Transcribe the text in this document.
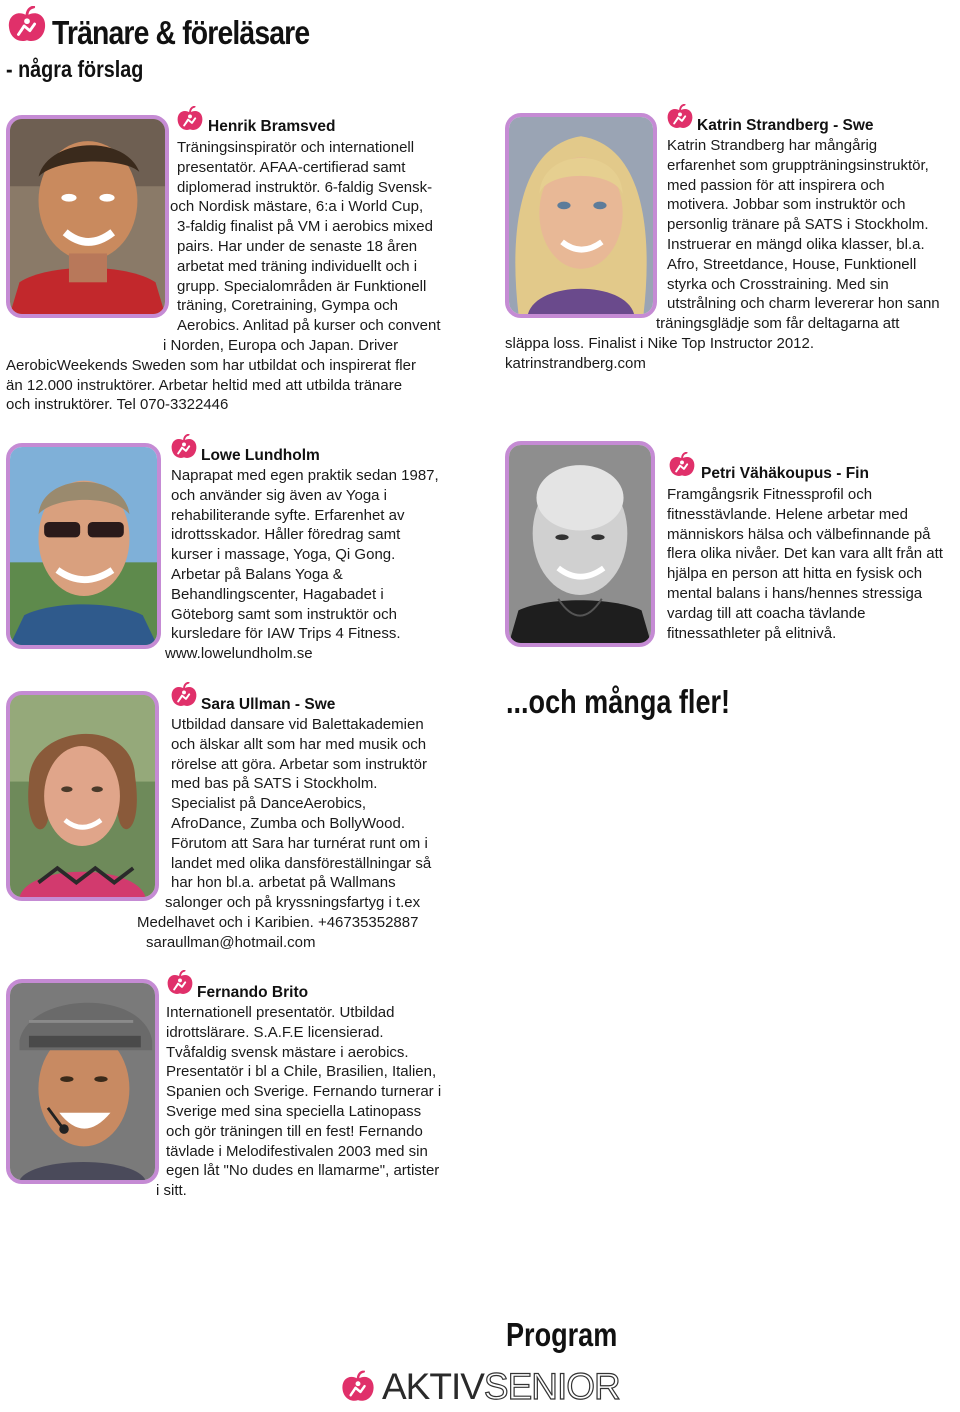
Tränare & föreläsare
- några förslag
Henrik Bramsved
Träningsinspiratör och internationell
presentatör. AFAA-certifierad samt
diplomerad instruktör. 6-faldig Svensk-
och Nordisk mästare, 6:a i World Cup,
3-faldig finalist på VM i aerobics mixed
pairs. Har under de senaste 18 åren
arbetat med träning individuellt och i
grupp. Specialområden är Funktionell
träning, Coretraining, Gympa och
Aerobics. Anlitad på kurser och convent
i Norden, Europa och Japan. Driver
AerobicWeekends Sweden som har utbildat och inspirerat fler
än 12.000 instruktörer. Arbetar heltid med att utbilda tränare
och instruktörer. Tel 070-3322446
Katrin Strandberg - Swe
Katrin Strandberg har mångårig
erfarenhet som gruppträningsinstruktör,
med passion för att inspirera och
motivera. Jobbar som instruktör och
personlig tränare på SATS i Stockholm.
Instruerar en mängd olika klasser, bl.a.
Afro, Streetdance, House, Funktionell
styrka och Crosstraining. Med sin
utstrålning och charm levererar hon sann
träningsglädje som får deltagarna att
släppa loss. Finalist i Nike Top Instructor 2012.
katrinstrandberg.com
Lowe Lundholm
Naprapat med egen praktik sedan 1987,
och använder sig även av Yoga i
rehabiliterande syfte. Erfarenhet av
idrottsskador. Håller föredrag samt
kurser i massage, Yoga, Qi Gong.
Arbetar på Balans Yoga &
Behandlingscenter, Hagabadet i
Göteborg samt som instruktör och
kursledare för IAW Trips 4 Fitness.
www.lowelundholm.se
Petri Vähäkoupus - Fin
Framgångsrik Fitnessprofil och
fitnesstävlande. Helene arbetar med
människors hälsa och välbefinnande på
flera olika nivåer. Det kan vara allt från att
hjälpa en person att hitta en fysisk och
mental balans i hans/hennes stressiga
vardag till att coacha tävlande
fitnessathleter på elitnivå.
Sara Ullman - Swe
Utbildad dansare vid Balettakademien
och älskar allt som har med musik och
rörelse att göra. Arbetar som instruktör
med bas på SATS i Stockholm.
Specialist på DanceAerobics,
AfroDance, Zumba och BollyWood.
Förutom att Sara har turnérat runt om i
landet med olika dansföreställningar så
har hon bl.a. arbetat på Wallmans
salonger och på kryssningsfartyg i t.ex
Medelhavet och i Karibien. +46735352887
saraullman@hotmail.com
Fernando Brito
Internationell presentatör. Utbildad
idrottslärare. S.A.F.E licensierad.
Tvåfaldig svensk mästare i aerobics.
Presentatör i bl a Chile, Brasilien, Italien,
Spanien och Sverige. Fernando turnerar i
Sverige med sina speciella Latinopass
och gör träningen till en fest! Fernando
tävlade i Melodifestivalen 2003 med sin
egen låt "No dudes en llamarme", artister
i sitt.
...och många fler!
Program
AKTIVSENIOR
